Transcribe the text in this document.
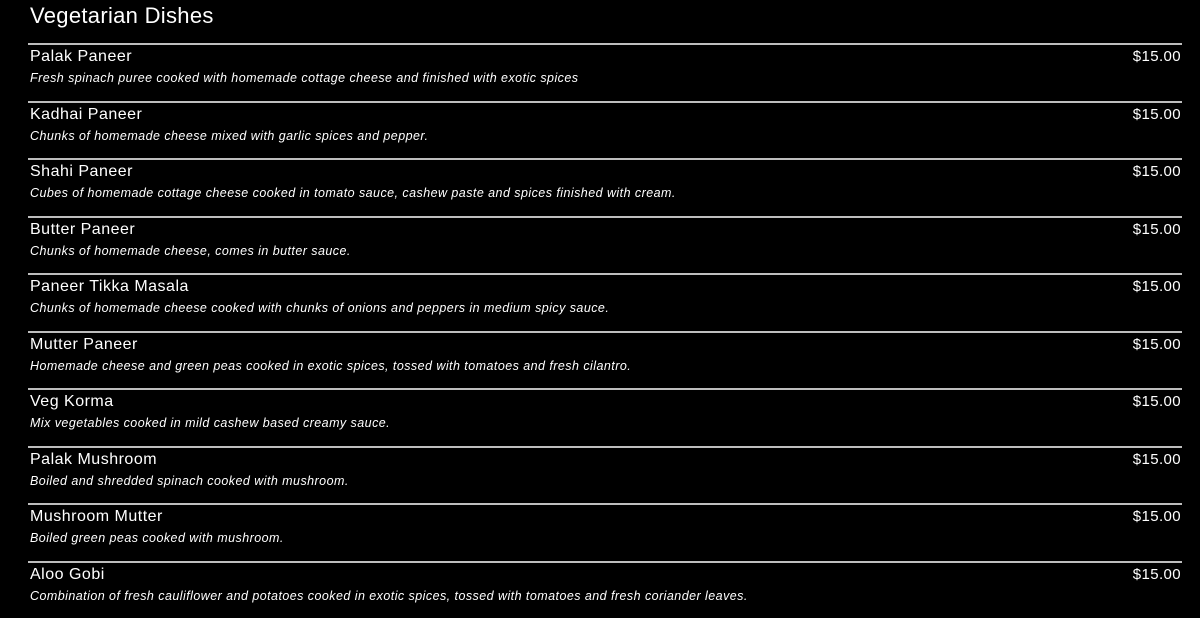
Vegetarian Dishes
Palak Paneer	$15.00
Fresh spinach puree cooked with homemade cottage cheese and finished with exotic spices
Kadhai Paneer	$15.00
Chunks of homemade cheese mixed with garlic spices and pepper.
Shahi Paneer	$15.00
Cubes of homemade cottage cheese cooked in tomato sauce, cashew paste and spices finished with cream.
Butter Paneer	$15.00
Chunks of homemade cheese, comes in butter sauce.
Paneer Tikka Masala	$15.00
Chunks of homemade cheese cooked with chunks of onions and peppers in medium spicy sauce.
Mutter Paneer	$15.00
Homemade cheese and green peas cooked in exotic spices, tossed with tomatoes and fresh cilantro.
Veg Korma	$15.00
Mix vegetables cooked in mild cashew based creamy sauce.
Palak Mushroom	$15.00
Boiled and shredded spinach cooked with mushroom.
Mushroom Mutter	$15.00
Boiled green peas cooked with mushroom.
Aloo Gobi	$15.00
Combination of fresh cauliflower and potatoes cooked in exotic spices, tossed with tomatoes and fresh coriander leaves.
